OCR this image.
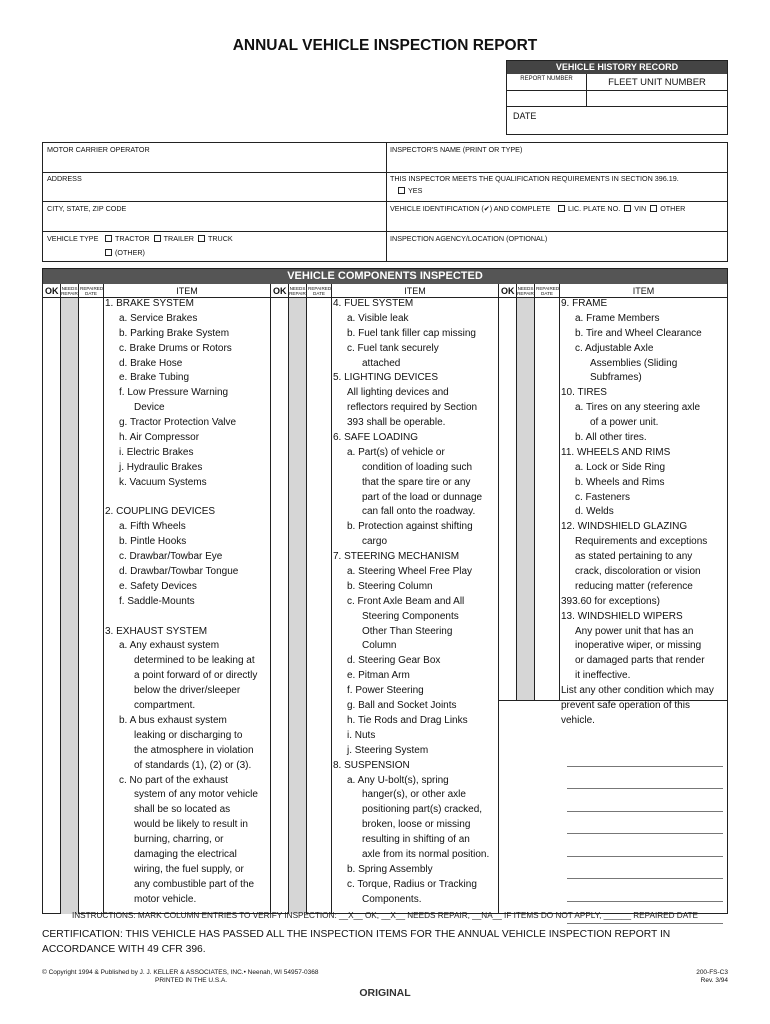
ANNUAL VEHICLE INSPECTION REPORT
VEHICLE HISTORY RECORD
REPORT NUMBER	FLEET UNIT NUMBER
DATE
MOTOR CARRIER OPERATOR	INSPECTOR'S NAME (PRINT OR TYPE)
ADDRESS	THIS INSPECTOR MEETS THE QUALIFICATION REQUIREMENTS IN SECTION 396.19.
YES
CITY, STATE, ZIP CODE	VEHICLE IDENTIFICATION (✔) AND COMPLETE	LIC. PLATE NO. VIN OTHER
VEHICLE TYPE	TRACTOR TRAILER TRUCK
(OTHER)
INSPECTION AGENCY/LOCATION (OPTIONAL)
VEHICLE COMPONENTS INSPECTED
OK NEEDS REPAIR
REPAIRED DATE	ITEM
1. BRAKE SYSTEM
a. Service Brakes
b. Parking Brake System
c. Brake Drums or Rotors
d. Brake Hose
e. Brake Tubing
f. Low Pressure Warning
Device
g. Tractor Protection Valve
h. Air Compressor
i. Electric Brakes
j. Hydraulic Brakes
k. Vacuum Systems
2. COUPLING DEVICES
a. Fifth Wheels
b. Pintle Hooks
c. Drawbar/Towbar Eye
d. Drawbar/Towbar Tongue
e. Safety Devices
f. Saddle-Mounts
3. EXHAUST SYSTEM
a. Any exhaust system
determined to be leaking at
a point forward of or directly
below the driver/sleeper
compartment.
b. A bus exhaust system
leaking or discharging to
the atmosphere in violation
of standards (1), (2) or (3).
c. No part of the exhaust
system of any motor vehicle
shall be so located as
would be likely to result in
burning, charring, or
damaging the electrical
wiring, the fuel supply, or
any combustible part of the
motor vehicle.
OK NEEDS REPAIR
REPAIRED DATE	ITEM
4. FUEL SYSTEM
a. Visible leak
b. Fuel tank filler cap missing
c. Fuel tank securely
attached
5. LIGHTING DEVICES
All lighting devices and
reflectors required by Section
393 shall be operable.
6. SAFE LOADING
a. Part(s) of vehicle or
condition of loading such
that the spare tire or any
part of the load or dunnage
can fall onto the roadway.
b. Protection against shifting
cargo
7. STEERING MECHANISM
a. Steering Wheel Free Play
b. Steering Column
c. Front Axle Beam and All
Steering Components
Other Than Steering
Column
d. Steering Gear Box
e. Pitman Arm
f. Power Steering
g. Ball and Socket Joints
h. Tie Rods and Drag Links
i. Nuts
j. Steering System
8. SUSPENSION
a. Any U-bolt(s), spring
hanger(s), or other axle
positioning part(s) cracked,
broken, loose or missing
resulting in shifting of an
axle from its normal position.
b. Spring Assembly
c. Torque, Radius or Tracking
Components.
OK NEEDS REPAIR
REPAIRED DATE	ITEM
9. FRAME
a. Frame Members
b. Tire and Wheel Clearance
c. Adjustable Axle
Assemblies (Sliding
Subframes)
10. TIRES
a. Tires on any steering axle
of a power unit.
b. All other tires.
11. WHEELS AND RIMS
a. Lock or Side Ring
b. Wheels and Rims
c. Fasteners
d. Welds
12. WINDSHIELD GLAZING
Requirements and exceptions
as stated pertaining to any
crack, discoloration or vision
reducing matter (reference
393.60 for exceptions)
13. WINDSHIELD WIPERS
Any power unit that has an
inoperative wiper, or missing
or damaged parts that render
it ineffective.
List any other condition which may
prevent safe operation of this
vehicle.
INSTRUCTIONS: MARK COLUMN ENTRIES TO VERIFY INSPECTION: __X__ OK, __X__ NEEDS REPAIR, __NA__ IF ITEMS DO NOT APPLY, ______ REPAIRED DATE
CERTIFICATION: THIS VEHICLE HAS PASSED ALL THE INSPECTION ITEMS FOR THE ANNUAL VEHICLE INSPECTION REPORT IN ACCORDANCE WITH 49 CFR 396.
© Copyright 1994 & Published by J. J. KELLER & ASSOCIATES, INC.• Neenah, WI 54957-0368
PRINTED IN THE U.S.A.
200-FS-C3
Rev. 3/94
ORIGINAL
